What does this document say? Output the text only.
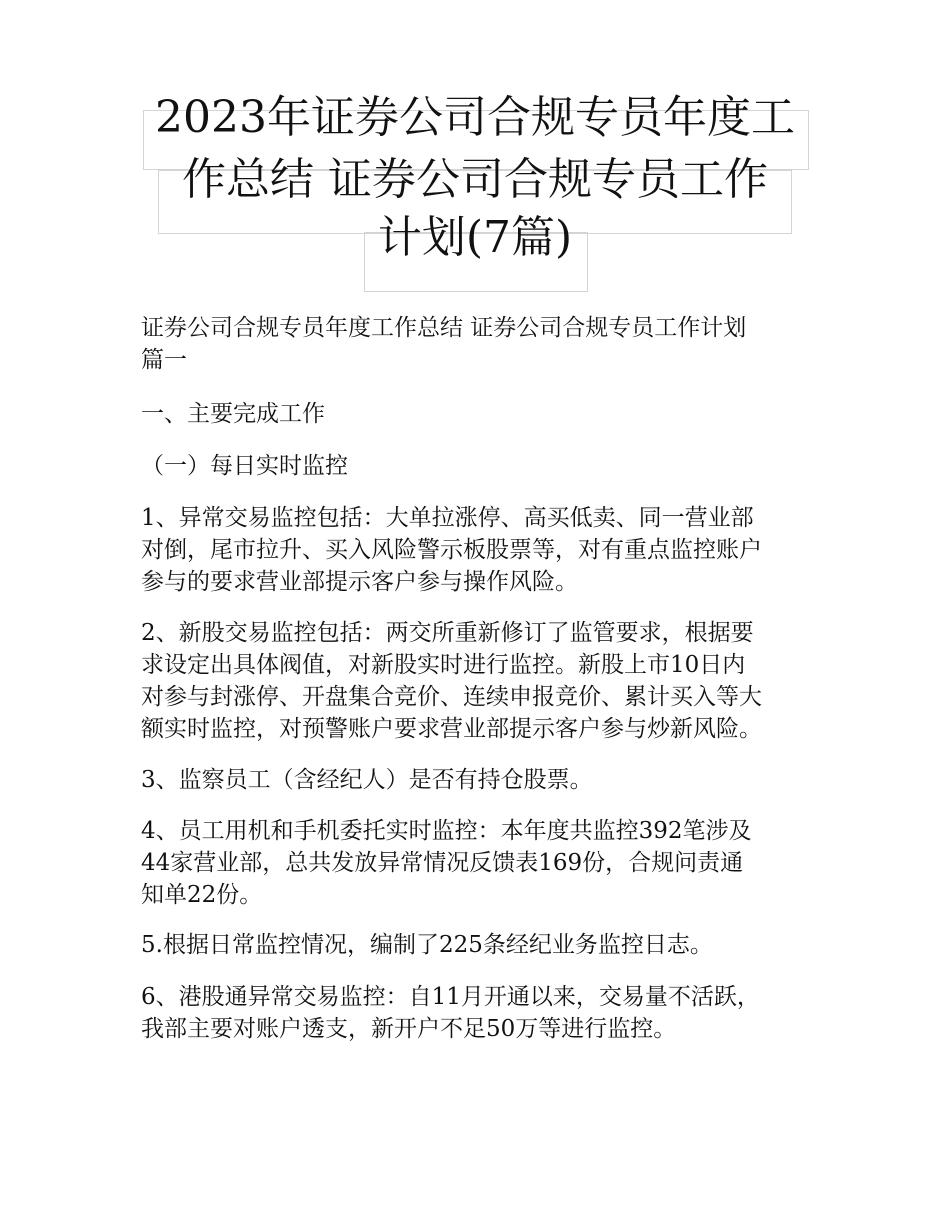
2023年证券公司合规专员年度工
作总结 证券公司合规专员工作
计划(7篇)
证券公司合规专员年度工作总结 证券公司合规专员工作计划
篇一
一、主要完成工作
（一）每日实时监控
1、异常交易监控包括：大单拉涨停、高买低卖、同一营业部
对倒，尾市拉升、买入风险警示板股票等，对有重点监控账户
参与的要求营业部提示客户参与操作风险。
2、新股交易监控包括：两交所重新修订了监管要求，根据要
求设定出具体阀值，对新股实时进行监控。新股上市10日内
对参与封涨停、开盘集合竞价、连续申报竞价、累计买入等大
额实时监控，对预警账户要求营业部提示客户参与炒新风险。
3、监察员工（含经纪人）是否有持仓股票。
4、员工用机和手机委托实时监控：本年度共监控392笔涉及
44家营业部，总共发放异常情况反馈表169份，合规问责通
知单22份。
5.根据日常监控情况，编制了225条经纪业务监控日志。
6、港股通异常交易监控：自11月开通以来，交易量不活跃，
我部主要对账户透支，新开户不足50万等进行监控。
